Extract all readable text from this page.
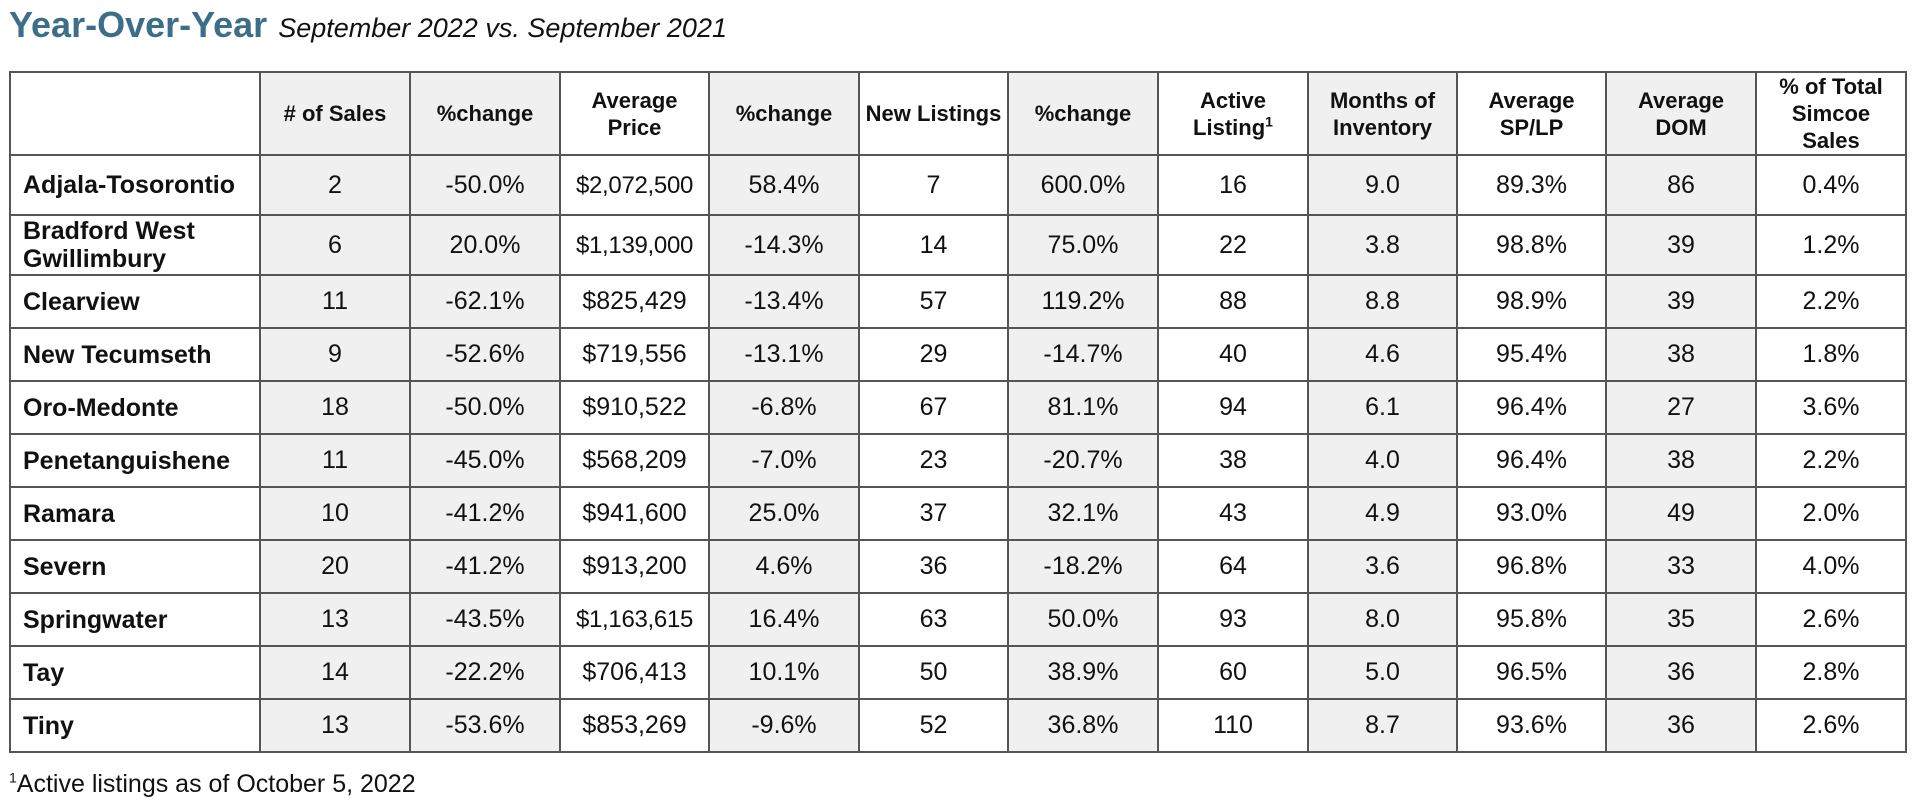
Year-Over-Year September 2022 vs. September 2021
	# of Sales	%change	Average Price	%change	New Listings	%change	Active Listing$^1$	Months of Inventory	Average SP/LP	Average DOM	% of Total Simcoe Sales
Adjala-Tosorontio	2	-50.0%	$2,072,500	58.4%	7	600.0%	16	9.0	89.3%	86	0.4%
Bradford West Gwillimbury	6	20.0%	$1,139,000	-14.3%	14	75.0%	22	3.8	98.8%	39	1.2%
Clearview	11	-62.1%	$825,429	-13.4%	57	119.2%	88	8.8	98.9%	39	2.2%
New Tecumseth	9	-52.6%	$719,556	-13.1%	29	-14.7%	40	4.6	95.4%	38	1.8%
Oro-Medonte	18	-50.0%	$910,522	-6.8%	67	81.1%	94	6.1	96.4%	27	3.6%
Penetanguishene	11	-45.0%	$568,209	-7.0%	23	-20.7%	38	4.0	96.4%	38	2.2%
Ramara	10	-41.2%	$941,600	25.0%	37	32.1%	43	4.9	93.0%	49	2.0%
Severn	20	-41.2%	$913,200	4.6%	36	-18.2%	64	3.6	96.8%	33	4.0%
Springwater	13	-43.5%	$1,163,615	16.4%	63	50.0%	93	8.0	95.8%	35	2.6%
Tay	14	-22.2%	$706,413	10.1%	50	38.9%	60	5.0	96.5%	36	2.8%
Tiny	13	-53.6%	$853,269	-9.6%	52	36.8%	110	8.7	93.6%	36	2.6%
$^1$Active listings as of October 5, 2022
